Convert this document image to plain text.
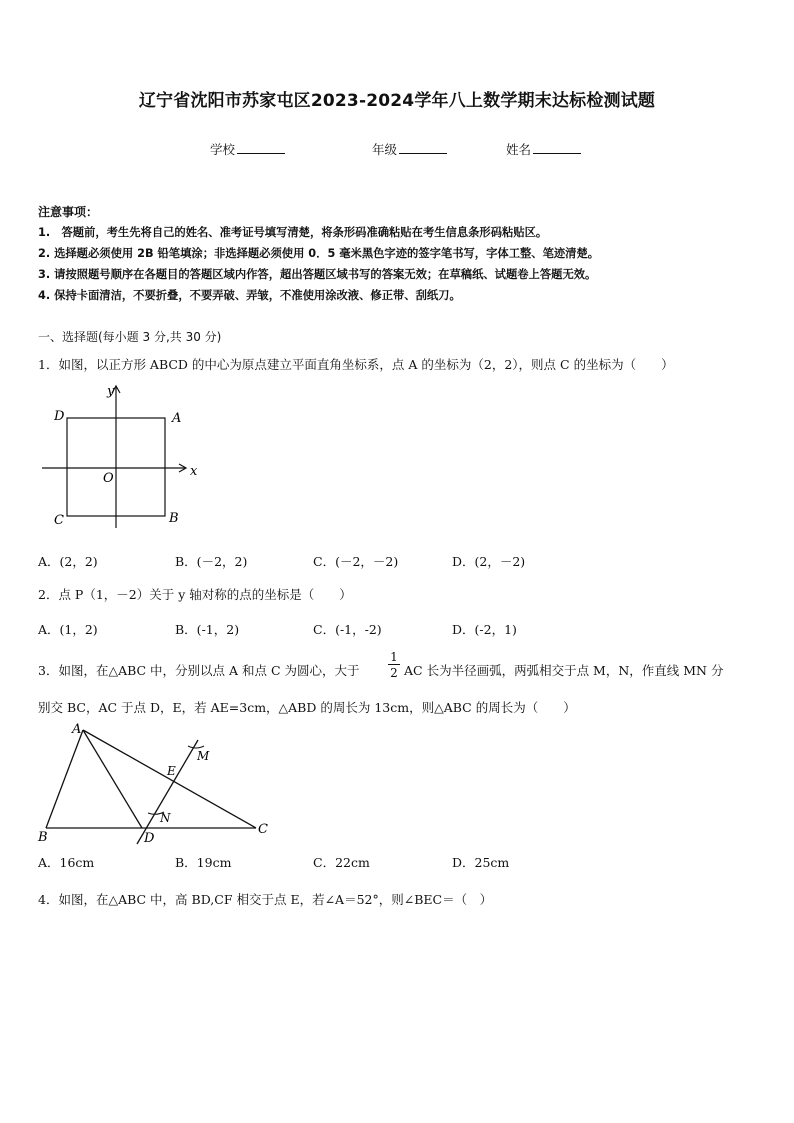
辽宁省沈阳市苏家屯区2023-2024学年八上数学期末达标检测试题
学校	年级	姓名
注意事项：
1.　答题前，考生先将自己的姓名、准考证号填写清楚，将条形码准确粘贴在考生信息条形码粘贴区。
2. 选择题必须使用 2B 铅笔填涂；非选择题必须使用 0．5 毫米黑色字迹的签字笔书写，字体工整、笔迹清楚。
3. 请按照题号顺序在各题目的答题区域内作答，超出答题区域书写的答案无效；在草稿纸、试题卷上答题无效。
4. 保持卡面清洁，不要折叠，不要弄破、弄皱，不准使用涂改液、修正带、刮纸刀。
一、选择题(每小题 3 分,共 30 分)
1．如图，以正方形 ABCD 的中心为原点建立平面直角坐标系，点 A 的坐标为（2，2），则点 C 的坐标为（　　）
y
x
D	A
O
C	B
A．(2，2)	B．(－2，2)	C．(－2，－2)	D．(2，－2)
2．点 P（1，－2）关于 y 轴对称的点的坐标是（　　）
A．(1，2)	B．(-1，2)	C．(-1，-2)	D．(-2，1)
3．如图，在△ABC 中，分别以点 A 和点 C 为圆心，大于
1
2 AC 长为半径画弧，两弧相交于点 M，N，作直线 MN 分
别交 BC，AC 于点 D，E，若 AE=3cm，△ABD 的周长为 13cm，则△ABC 的周长为（　　）
A
M
E
N
B	D
C
A．16cm	B．19cm	C．22cm	D．25cm
4．如图，在△ABC 中，高 BD,CF 相交于点 E，若∠A＝52°，则∠BEC＝（　）
